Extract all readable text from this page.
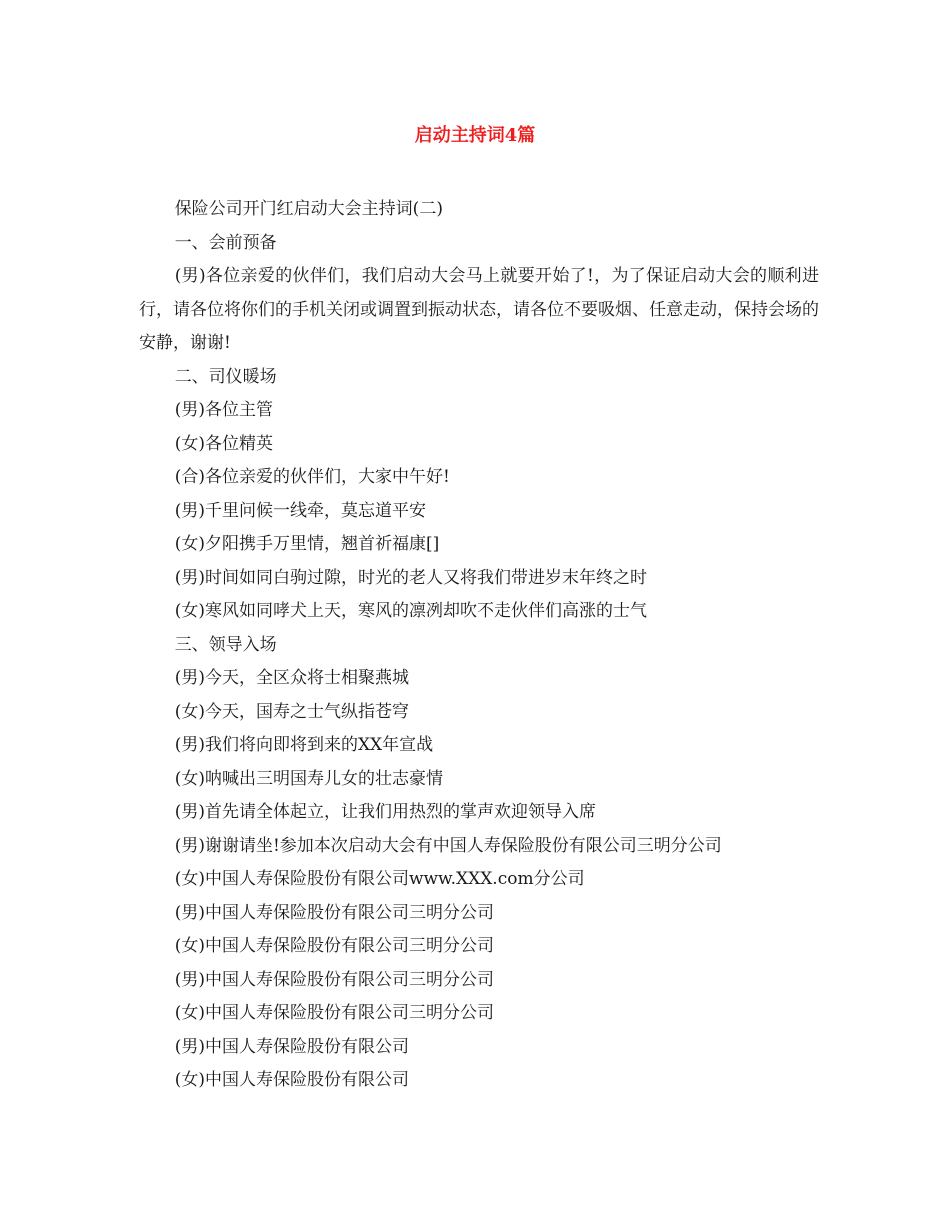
启动主持词4篇

保险公司开门红启动大会主持词(二)

一、会前预备

(男)各位亲爱的伙伴们，我们启动大会马上就要开始了!，为了保证启动大会的顺利进行，请各位将你们的手机关闭或调置到振动状态，请各位不要吸烟、任意走动，保持会场的安静，谢谢!

二、司仪暖场

(男)各位主管

(女)各位精英

(合)各位亲爱的伙伴们，大家中午好!

(男)千里问候一线牵，莫忘道平安

(女)夕阳携手万里情，翘首祈福康[]

(男)时间如同白驹过隙，时光的老人又将我们带进岁末年终之时

(女)寒风如同哮犬上天，寒风的凛冽却吹不走伙伴们高涨的士气

三、领导入场

(男)今天，全区众将士相聚燕城

(女)今天，国寿之士气纵指苍穹

(男)我们将向即将到来的XX年宣战

(女)呐喊出三明国寿儿女的壮志豪情

(男)首先请全体起立，让我们用热烈的掌声欢迎领导入席

(男)谢谢请坐!参加本次启动大会有中国人寿保险股份有限公司三明分公司

(女)中国人寿保险股份有限公司www.XXX.com分公司

(男)中国人寿保险股份有限公司三明分公司

(女)中国人寿保险股份有限公司三明分公司

(男)中国人寿保险股份有限公司三明分公司

(女)中国人寿保险股份有限公司三明分公司

(男)中国人寿保险股份有限公司

(女)中国人寿保险股份有限公司
